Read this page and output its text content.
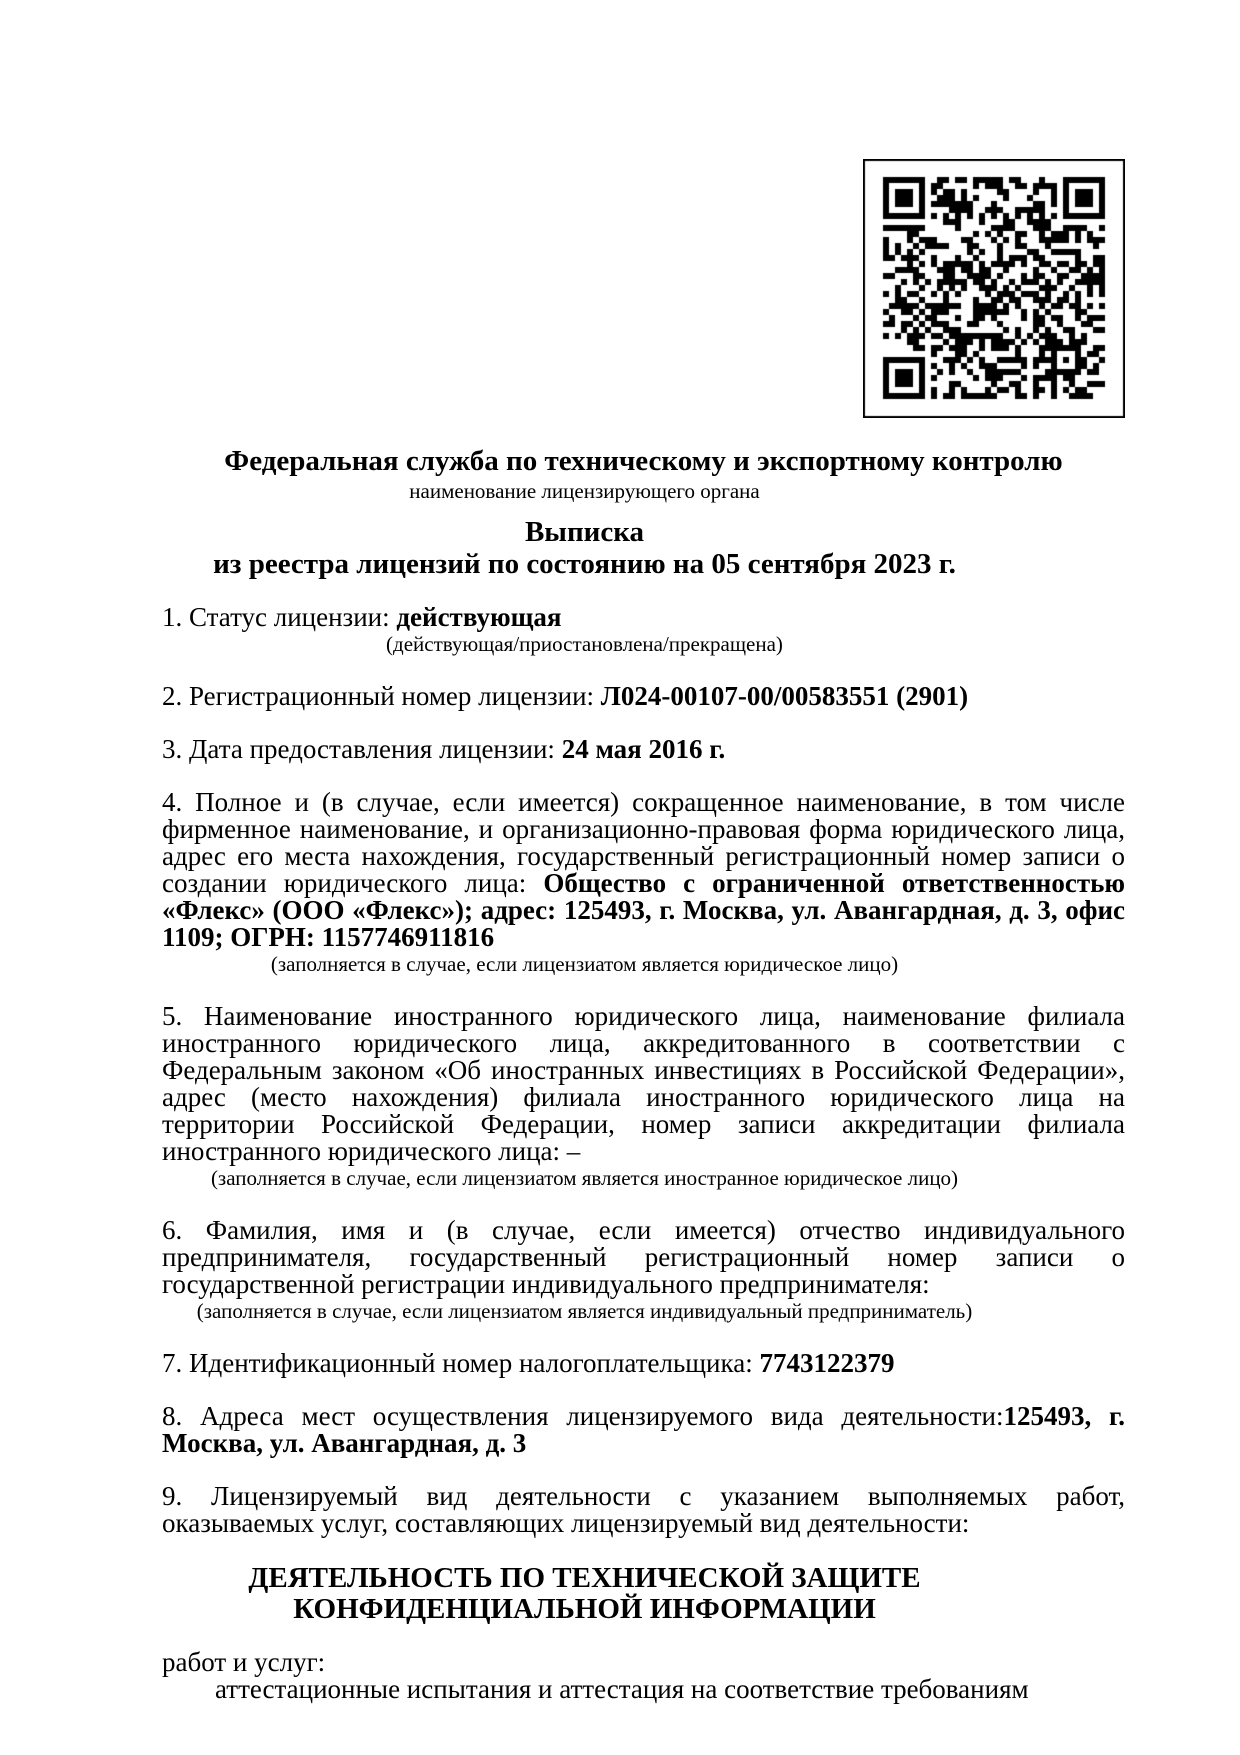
Федеральная служба по техническому и экспортному контролю
наименование лицензирующего органа
Выписка
из реестра лицензий по состоянию на 05 сентября 2023 г.

1. Статус лицензии: действующая

(действующая/приостановлена/прекращена)

2. Регистрационный номер лицензии: Л024-00107-00/00583551 (2901)

3. Дата предоставления лицензии: 24 мая 2016 г.

4. Полное и (в случае, если имеется) сокращенное наименование, в том числе фирменное наименование, и организационно-правовая форма юридического лица, адрес его места нахождения, государственный регистрационный номер записи о создании юридического лица: Общество с ограниченной ответственностью «Флекс» (ООО «Флекс»); адрес: 125493, г. Москва, ул. Авангардная, д. 3, офис 1109; ОГРН: 1157746911816

(заполняется в случае, если лицензиатом является юридическое лицо)

5. Наименование иностранного юридического лица, наименование филиала иностранного юридического лица, аккредитованного в соответствии с Федеральным законом «Об иностранных инвестициях в Российской Федерации», адрес (место нахождения) филиала иностранного юридического лица на территории Российской Федерации, номер записи аккредитации филиала иностранного юридического лица: –

(заполняется в случае, если лицензиатом является иностранное юридическое лицо)

6. Фамилия, имя и (в случае, если имеется) отчество индивидуального предпринимателя, государственный регистрационный номер записи о государственной регистрации индивидуального предпринимателя:

(заполняется в случае, если лицензиатом является индивидуальный предприниматель)

7. Идентификационный номер налогоплательщика: 7743122379

8. Адреса мест осуществления лицензируемого вида деятельности:125493, г. Москва, ул. Авангардная, д. 3

9. Лицензируемый вид деятельности с указанием выполняемых работ, оказываемых услуг, составляющих лицензируемый вид деятельности:

ДЕЯТЕЛЬНОСТЬ ПО ТЕХНИЧЕСКОЙ ЗАЩИТЕ КОНФИДЕНЦИАЛЬНОЙ ИНФОРМАЦИИ

работ и услуг:

аттестационные испытания и аттестация на соответствие требованиям
